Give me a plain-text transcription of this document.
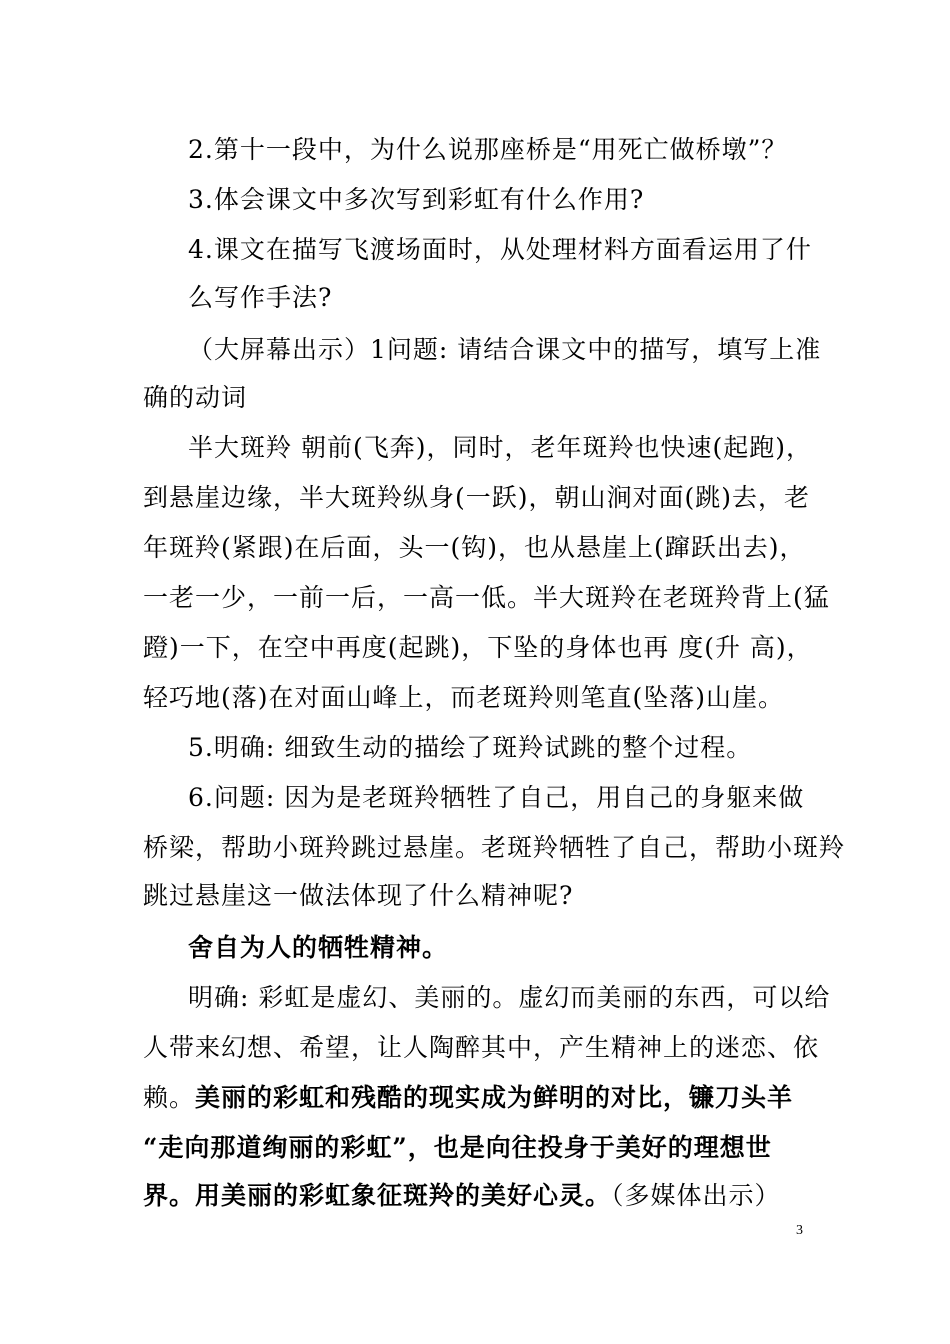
2.第十一段中，为什么说那座桥是“用死亡做桥墩”？
3.体会课文中多次写到彩虹有什么作用?
4.课文在描写飞渡场面时，从处理材料方面看运用了什
么写作手法?
（大屏幕出示）1问题: 请结合课文中的描写，填写上准
确的动词
半大斑羚 朝前(飞奔)，同时，老年斑羚也快速(起跑)，
到悬崖边缘，半大斑羚纵身(一跃)，朝山涧对面(跳)去，老
年斑羚(紧跟)在后面，头一(钩)，也从悬崖上(蹿跃出去)，
一老一少，一前一后，一高一低。半大斑羚在老斑羚背上(猛
蹬)一下，在空中再度(起跳)，下坠的身体也再 度(升 高)，
轻巧地(落)在对面山峰上，而老斑羚则笔直(坠落)山崖。
5.明确: 细致生动的描绘了斑羚试跳的整个过程。
6.问题: 因为是老斑羚牺牲了自己，用自己的身躯来做
桥梁，帮助小斑羚跳过悬崖。老斑羚牺牲了自己，帮助小斑羚
跳过悬崖这一做法体现了什么精神呢?
舍自为人的牺牲精神。
明确: 彩虹是虚幻、美丽的。虚幻而美丽的东西，可以给
人带来幻想、希望，让人陶醉其中，产生精神上的迷恋、依
赖。美丽的彩虹和残酷的现实成为鲜明的对比，镰刀头羊
“走向那道绚丽的彩虹”，也是向往投身于美好的理想世
界。用美丽的彩虹象征斑羚的美好心灵。（多媒体出示）
3
